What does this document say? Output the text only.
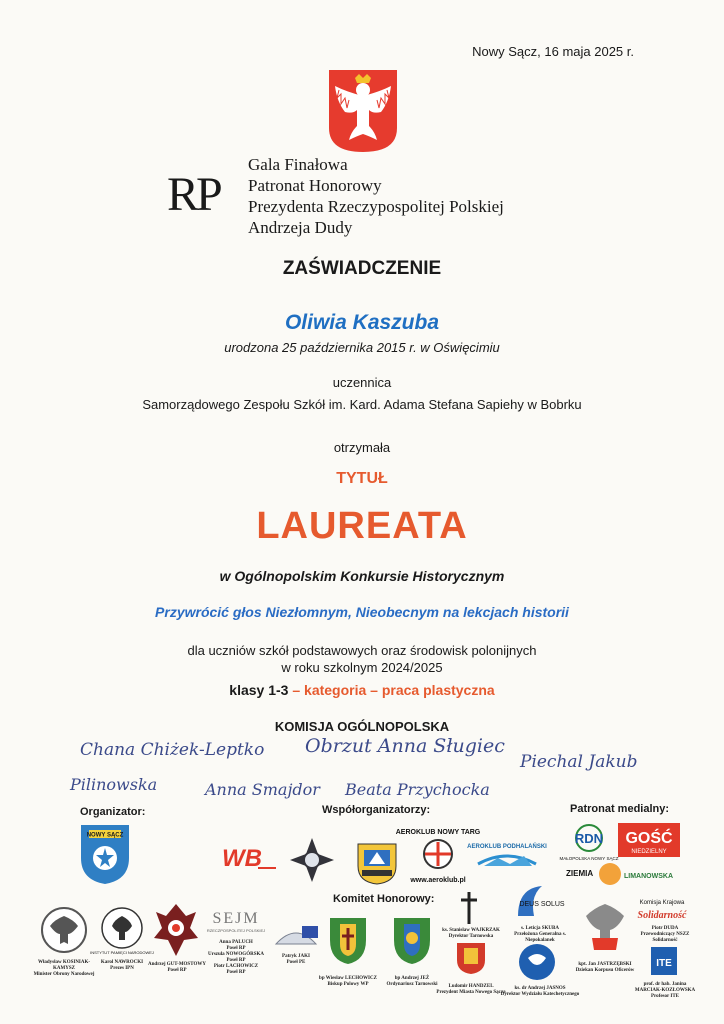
Nowy Sącz, 16 maja 2025 r.
RP
Gala Finałowa
Patronat Honorowy
Prezydenta Rzeczypospolitej Polskiej
Andrzeja Dudy
ZAŚWIADCZENIE
Oliwia Kaszuba
urodzona 25 października 2015 r. w Oświęcimiu
uczennica
Samorządowego Zespołu Szkół im. Kard. Adama Stefana Sapiehy w Bobrku
otrzymała
TYTUŁ
LAUREATA
w Ogólnopolskim Konkursie Historycznym
Przywrócić głos Niezłomnym, Nieobecnym na lekcjach historii
dla uczniów szkół podstawowych oraz środowisk polonijnych
w roku szkolnym 2024/2025
klasy 1-3 – kategoria – praca plastyczna
KOMISJA OGÓLNOPOLSKA
Chana Chiżek-Leptko Obrzut Anna Sługiec
Piechal Jakub
Pilinowska	Anna Smajdor Beata Przychocka
Organizator:	Współorganizatorzy:	Patronat medialny:
Komitet Honorowy:
NOWY SĄCZ
WB
AEROKLUB NOWY TARG
www.aeroklub.pl
AEROKLUB PODHALAŃSKI
RDN
MAŁOPOLSKA NOWY SĄCZ
GOŚĆ
NIEDZIELNY
ZIEMIA	LIMANOWSKA
INSTYTUT PAMIĘCI NARODOWEJ
SEJM
RZECZPOSPOLITEJ POLSKIEJ
DEUS SOLUS	Komisja Krajowa
Solidarność
ITE
Władysław KOSINIAK-KAMYSZ
Minister Obrony Narodowej
Karol NAWROCKI
Prezes IPN
Andrzej GUT-MOSTOWY
Poseł RP
Anna PALUCH
Poseł RP
Urszula NOWOGÓRSKA
Poseł RP
Piotr LACHOWICZ
Poseł RP
Patryk JAKI
Poseł PE
bp Wiesław LECHOWICZ
Biskup Polowy WP
bp Andrzej JEŻ
Ordynariusz Tarnowski
ks. Stanisław WAJKRZAK
Dyrektor Tarnowska
Ludomir HANDZEL
Prezydent Miasta Nowego Sącza
s. Leticja SKUBA
Przełożona Generalna s. Niepokalanek
ks. dr Andrzej JASNOS
Dyrektor Wydziału Katechetycznego
kpt. Jan JASTRZĘBSKI
Dziekan Korpusu Oficerów
Piotr DUDA
Przewodniczący NSZZ Solidarność
prof. dr hab. Janina
MARCIAK-KOZŁOWSKA
Profesor ITE
